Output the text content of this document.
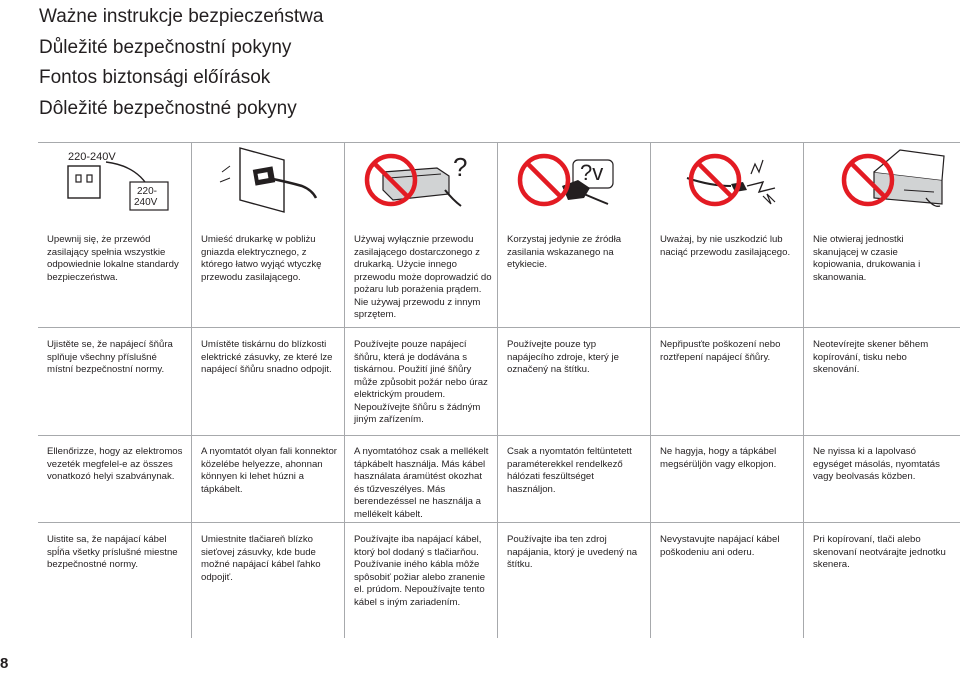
Ważne instrukcje bezpieczeństwa
Důležité bezpečnostní pokyny
Fontos biztonsági előírások
Dôležité bezpečnostné pokyny
220-240V
220-
240V
Upewnij się, że przewód zasilający spełnia wszystkie odpowiednie lokalne standardy bezpieczeństwa.
Ujistěte se, že napájecí šňůra splňuje všechny příslušné místní bezpečnostní normy.
Ellenőrizze, hogy az elektromos vezeték megfelel-e az összes vonatkozó helyi szabványnak.
Uistite sa, že napájací kábel spĺňa všetky príslušné miestne bezpečnostné normy.
Umieść drukarkę w pobliżu gniazda elektrycznego, z którego łatwo wyjąć wtyczkę przewodu zasilającego.
Umístěte tiskárnu do blízkosti elektrické zásuvky, ze které lze napájecí šňůru snadno odpojit.
A nyomtatót olyan fali konnektor közelébe helyezze, ahonnan könnyen ki lehet húzni a tápkábelt.
Umiestnite tlačiareň blízko sieťovej zásuvky, kde bude možné napájací kábel ľahko odpojiť.
?
Używaj wyłącznie przewodu zasilającego dostarczonego z drukarką. Użycie innego przewodu może doprowadzić do pożaru lub porażenia prądem. Nie używaj przewodu z innym sprzętem.
Používejte pouze napájecí šňůru, která je dodávána s tiskárnou. Použití jiné šňůry může způsobit požár nebo úraz elektrickým proudem. Nepoužívejte šňůru s žádným jiným zařízením.
A nyomtatóhoz csak a mellékelt tápkábelt használja. Más kábel használata áramütést okozhat és tűzveszélyes. Más berendezéssel ne használja a mellékelt kábelt.
Používajte iba napájací kábel, ktorý bol dodaný s tlačiarňou. Používanie iného kábla môže spôsobiť požiar alebo zranenie el. prúdom. Nepoužívajte tento kábel s iným zariadením.
?v
Korzystaj jedynie ze źródła zasilania wskazanego na etykiecie.
Používejte pouze typ napájecího zdroje, který je označený na štítku.
Csak a nyomtatón feltüntetett paraméterekkel rendelkező hálózati feszültséget használjon.
Používajte iba ten zdroj napájania, ktorý je uvedený na štítku.
Uważaj, by nie uszkodzić lub naciąć przewodu zasilającego.
Nepřipusťte poškození nebo roztřepení napájecí šňůry.
Ne hagyja, hogy a tápkábel megsérüljön vagy elkopjon.
Nevystavujte napájací kábel poškodeniu ani oderu.
Nie otwieraj jednostki skanującej w czasie kopiowania, drukowania i skanowania.
Neotevírejte skener během kopírování, tisku nebo skenování.
Ne nyissa ki a lapolvasó egységet másolás, nyomtatás vagy beolvasás közben.
Pri kopírovaní, tlači alebo skenovaní neotvárajte jednotku skenera.
8
